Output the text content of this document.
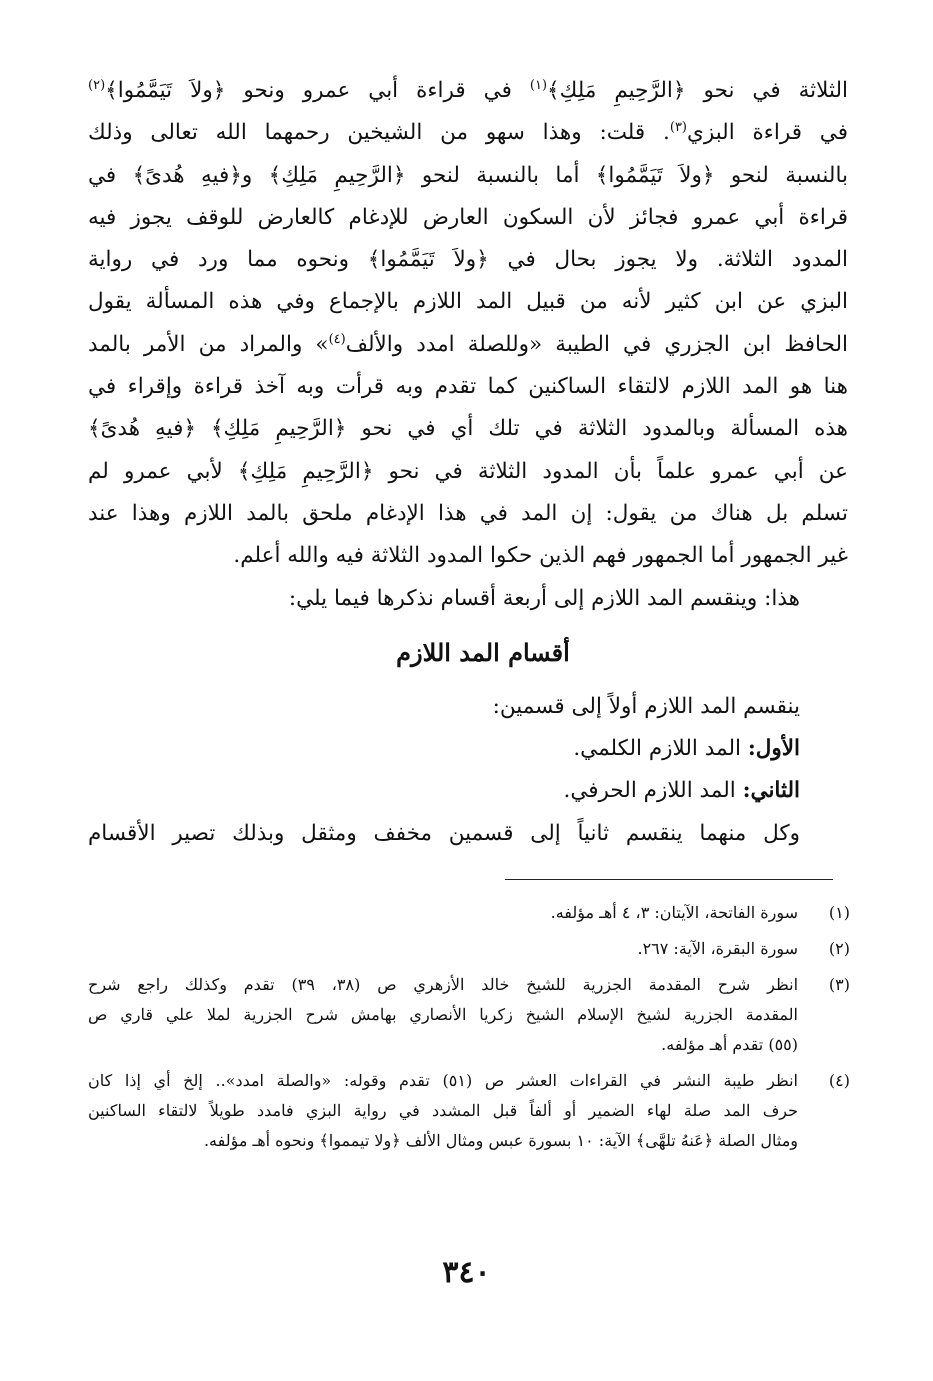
الثلاثة في نحو ﴿الرَّحِيمِ مَلِكِ﴾$^{(١)}$ في قراءة أبي عمرو ونحو ﴿ولاَ تَيَمَّمُوا﴾$^{(٢)}$
في قراءة البزي$^{(٣)}$. قلت: وهذا سهو من الشيخين رحمهما الله تعالى وذلك
بالنسبة لنحو ﴿ولاَ تَيَمَّمُوا﴾ أما بالنسبة لنحو ﴿الرَّحِيمِ مَلِكِ﴾ و﴿فيهِ هُدىً﴾ في
قراءة أبي عمرو فجائز لأن السكون العارض للإدغام كالعارض للوقف يجوز فيه
المدود الثلاثة. ولا يجوز بحال في ﴿ولاَ تَيَمَّمُوا﴾ ونحوه مما ورد في رواية
البزي عن ابن كثير لأنه من قبيل المد اللازم بالإجماع وفي هذه المسألة يقول
الحافظ ابن الجزري في الطيبة «وللصلة امدد والألف$^{(٤)}$» والمراد من الأمر بالمد
هنا هو المد اللازم لالتقاء الساكنين كما تقدم وبه قرأت وبه آخذ قراءة وإقراء في
هذه المسألة وبالمدود الثلاثة في تلك أي في نحو ﴿الرَّحِيمِ مَلِكِ﴾ ﴿فيهِ هُدىً﴾
عن أبي عمرو علماً بأن المدود الثلاثة في نحو ﴿الرَّحِيمِ مَلِكِ﴾ لأبي عمرو لم
تسلم بل هناك من يقول: إن المد في هذا الإدغام ملحق بالمد اللازم وهذا عند
غير الجمهور أما الجمهور فهم الذين حكوا المدود الثلاثة فيه والله أعلم.
هذا: وينقسم المد اللازم إلى أربعة أقسام نذكرها فيما يلي:
أقسام المد اللازم
ينقسم المد اللازم أولاً إلى قسمين:
الأول: المد اللازم الكلمي.
الثاني: المد اللازم الحرفي.
وكل منهما ينقسم ثانياً إلى قسمين مخفف ومثقل وبذلك تصير الأقسام
(١)
سورة الفاتحة، الآيتان: ٣، ٤ أهـ مؤلفه.
(٢)
سورة البقرة، الآية: ٢٦٧.
(٣)
انظر شرح المقدمة الجزرية للشيخ خالد الأزهري ص (٣٨، ٣٩) تقدم وكذلك راجع شرح
المقدمة الجزرية لشيخ الإسلام الشيخ زكريا الأنصاري بهامش شرح الجزرية لملا علي قاري ص
(٥٥) تقدم أهـ مؤلفه.
(٤)
انظر طيبة النشر في القراءات العشر ص (٥١) تقدم وقوله: «والصلة امدد».. إلخ أي إذا كان
حرف المد صلة لهاء الضمير أو ألفاً قبل المشدد في رواية البزي فامدد طويلاً لالتقاء الساكنين
ومثال الصلة ﴿عَنهُ تلهَّى﴾ الآية: ١٠ بسورة عبس ومثال الألف ﴿ولا تيمموا﴾ ونحوه أهـ مؤلفه.
٣٤٠
